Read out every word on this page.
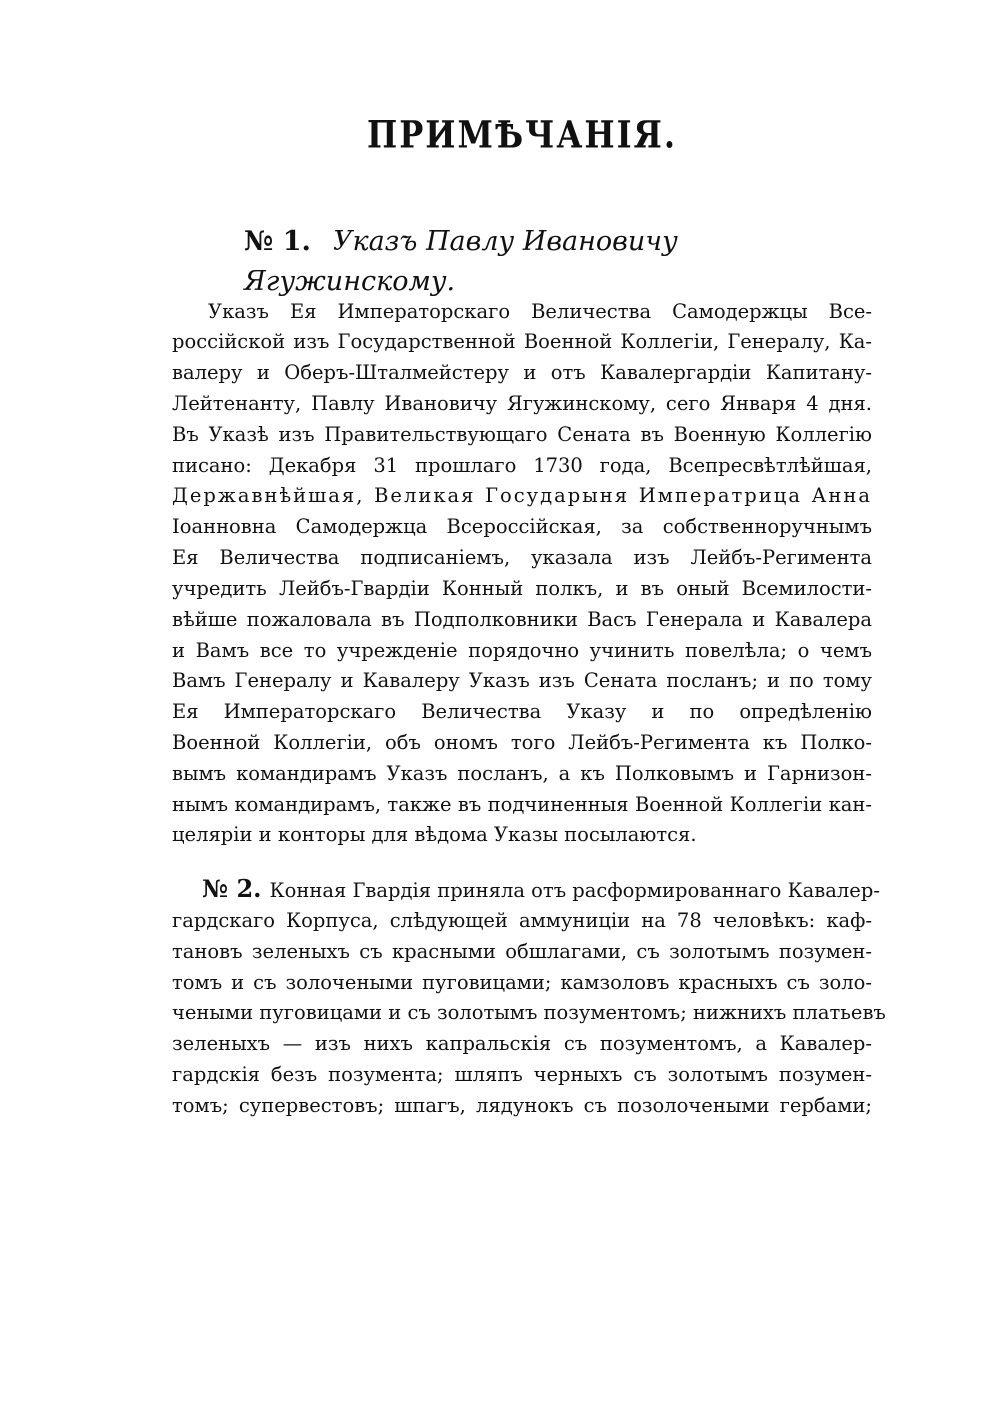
ПРИМѢЧАНІЯ.
№ 1. Указъ Павлу Ивановичу Ягужинскому.
Указъ Ея Императорскаго Величества Самодержцы Все-
россійской изъ Государственной Военной Коллегіи, Генералу, Ка-
валеру и Оберъ-Шталмейстеру и отъ Кавалергардіи Капитану-
Лейтенанту, Павлу Ивановичу Ягужинскому, сего Января 4 дня.
Въ Указѣ изъ Правительствующаго Сената въ Военную Коллегію
писано: Декабря 31 прошлаго 1730 года, Всепресвѣтлѣйшая,
Державнѣйшая, Великая Государыня Императрица Анна
Іоанновна Самодержца Всероссійская, за собственноручнымъ
Ея Величества подписаніемъ, указала изъ Лейбъ-Регимента
учредить Лейбъ-Гвардіи Конный полкъ, и въ оный Всемилости-
вѣйше пожаловала въ Подполковники Васъ Генерала и Кавалера
и Вамъ все то учрежденіе порядочно учинить повелѣла; о чемъ
Вамъ Генералу и Кавалеру Указъ изъ Сената посланъ; и по тому
Ея Императорскаго Величества Указу и по опредѣленію
Военной Коллегіи, объ ономъ того Лейбъ-Регимента къ Полко-
вымъ командирамъ Указъ посланъ, а къ Полковымъ и Гарнизон-
нымъ командирамъ, также въ подчиненныя Военной Коллегіи кан-
целяріи и конторы для вѣдома Указы посылаются.
№ 2. Конная Гвардія приняла отъ расформированнаго Кавалер-
гардскаго Корпуса, слѣдующей аммуниціи на 78 человѣкъ: каф-
тановъ зеленыхъ съ красными обшлагами, съ золотымъ позумен-
томъ и съ золочеными пуговицами; камзоловъ красныхъ съ золо-
чеными пуговицами и съ золотымъ позументомъ; нижнихъ платьевъ
зеленыхъ — изъ нихъ капральскія съ позументомъ, а Кавалер-
гардскія безъ позумента; шляпъ черныхъ съ золотымъ позумен-
томъ; супервестовъ; шпагъ, лядунокъ съ позолочеными гербами;
